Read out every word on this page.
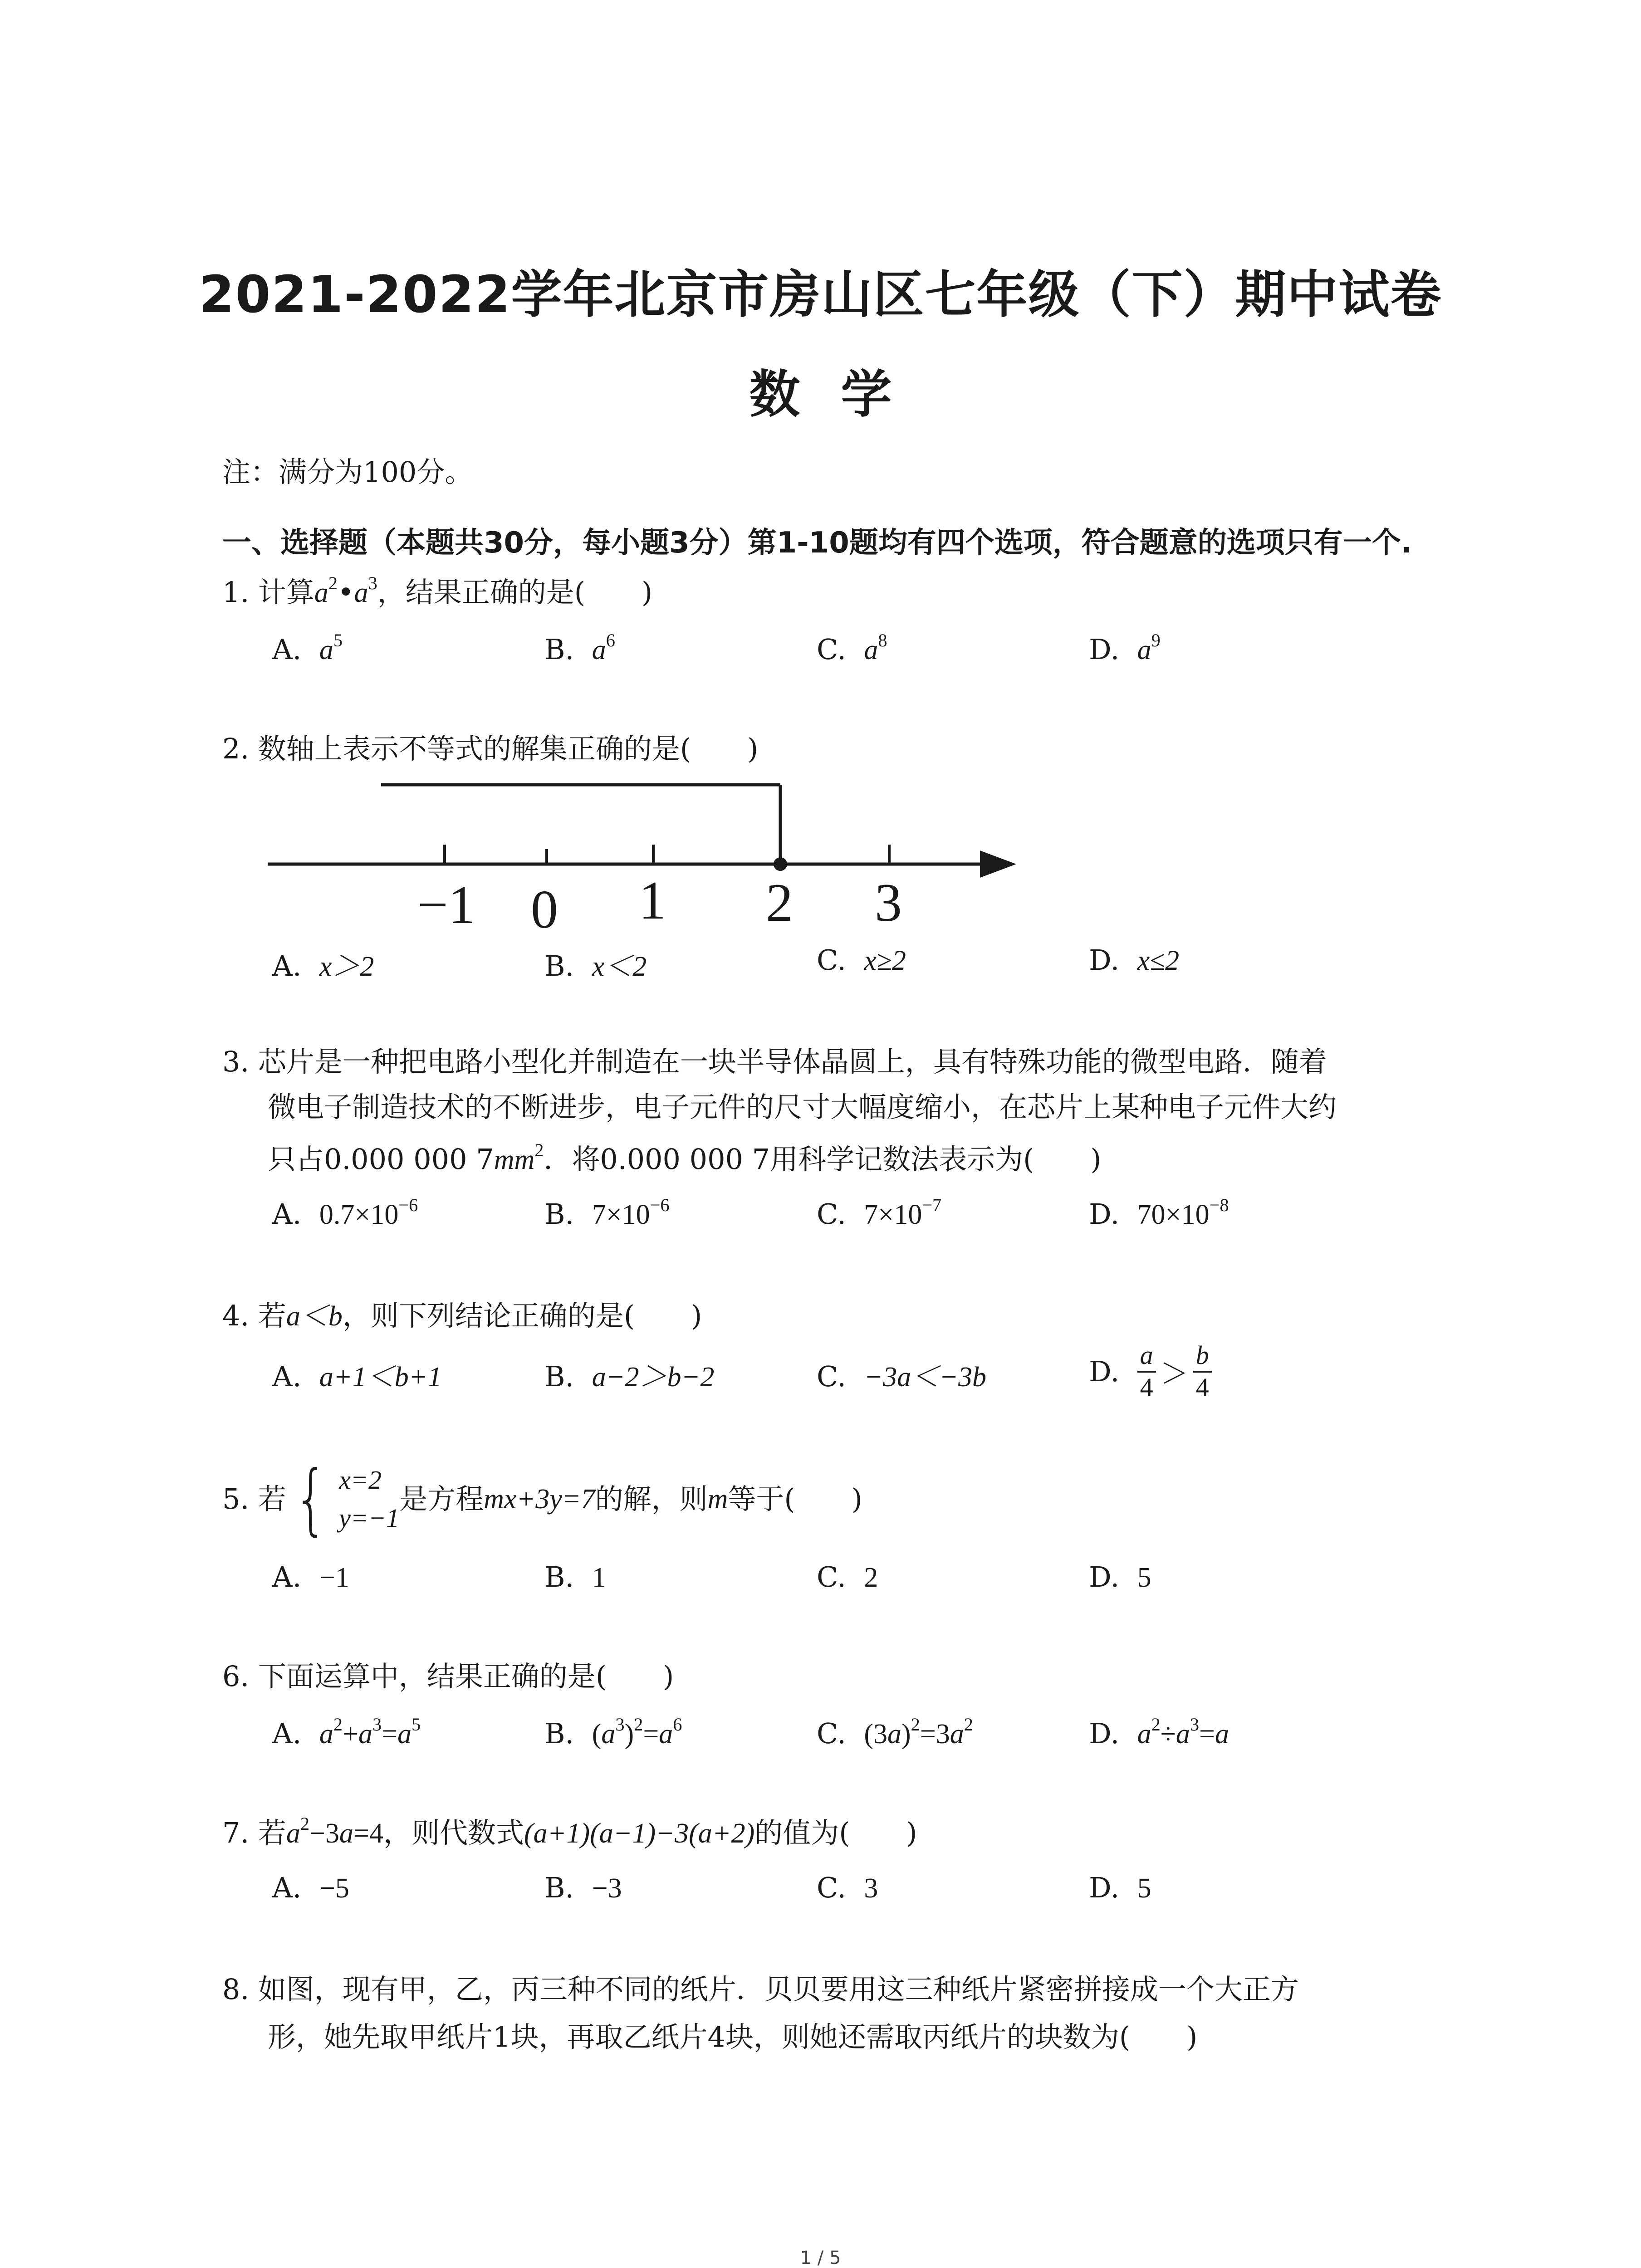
2021-2022学年北京市房山区七年级（下）期中试卷
数学
注：满分为100分。
一、选择题（本题共30分，每小题3分）第1-10题均有四个选项，符合题意的选项只有一个.
1. 计算$a^2•a^3$，结果正确的是(　　)
A. $a^5$	B. $a^6$	C. $a^8$	D. $a^9$
2. 数轴上表示不等式的解集正确的是(　　)
−1 0 1 2 3
A. x＞2	B. x＜2	C. x≥2	D. x≤2
3. 芯片是一种把电路小型化并制造在一块半导体晶圆上，具有特殊功能的微型电路．随着
微电子制造技术的不断进步，电子元件的尺寸大幅度缩小，在芯片上某种电子元件大约
只占0.000 000 $7mm^2$．将0.000 000 7用科学记数法表示为(　　)
A. $0.7\times 10^{-6}$	B. $7\times 10^{-6}$	C. $7\times 10^{-7}$	D. $70\times 10^{-8}$
4. 若a＜b，则下列结论正确的是(　　)
A. a+1＜b+1	B. a−2＞b−2	C. −3a＜−3b	D.
$\frac{a}{4} > \frac{b}{4}$
5.
若 { x=2
y=−1
是方程 mx+3y=7 的解，则 m 等于(　　)
A. −1	B. 1	C. 2	D. 5
6. 下面运算中，结果正确的是(　　)
A. $a^2+a^3=a^5$	B. $(a^3)^2=a^6$	C. $(3a)^2=3a^2$	D. $a^2\div a^3=a$
7. 若$a^2-3a=4$，则代数式(a+1)(a−1)−3(a+2)的值为(　　)
A. −5	B. −3	C. 3	D. 5
8. 如图，现有甲，乙，丙三种不同的纸片．贝贝要用这三种纸片紧密拼接成一个大正方
形，她先取甲纸片1块，再取乙纸片4块，则她还需取丙纸片的块数为(　　)
1 / 5
